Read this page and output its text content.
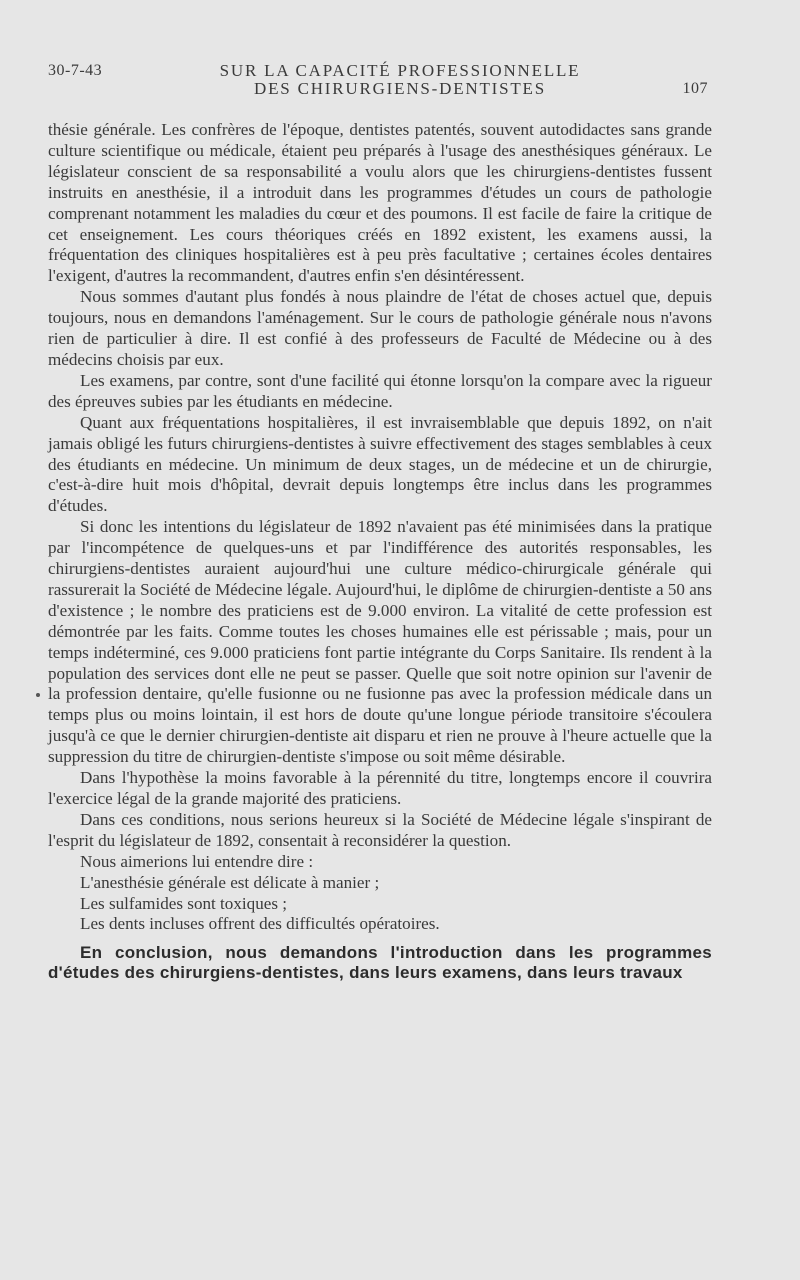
30-7-43	SUR LA CAPACITÉ PROFESSIONNELLE
DES CHIRURGIENS-DENTISTES	107

thésie générale. Les confrères de l'époque, dentistes patentés, souvent autodidactes sans grande culture scientifique ou médicale, étaient peu préparés à l'usage des anesthésiques généraux. Le législateur conscient de sa responsabilité a voulu alors que les chirurgiens-dentistes fussent instruits en anesthésie, il a introduit dans les programmes d'études un cours de pathologie comprenant notamment les maladies du cœur et des poumons. Il est facile de faire la critique de cet enseignement. Les cours théoriques créés en 1892 existent, les examens aussi, la fréquentation des cliniques hospitalières est à peu près facultative ; certaines écoles dentaires l'exigent, d'autres la recommandent, d'autres enfin s'en désintéressent.

Nous sommes d'autant plus fondés à nous plaindre de l'état de choses actuel que, depuis toujours, nous en demandons l'aménagement. Sur le cours de pathologie générale nous n'avons rien de particulier à dire. Il est confié à des professeurs de Faculté de Médecine ou à des médecins choisis par eux.

Les examens, par contre, sont d'une facilité qui étonne lorsqu'on la compare avec la rigueur des épreuves subies par les étudiants en médecine.

Quant aux fréquentations hospitalières, il est invraisemblable que depuis 1892, on n'ait jamais obligé les futurs chirurgiens-dentistes à suivre effectivement des stages semblables à ceux des étudiants en médecine. Un minimum de deux stages, un de médecine et un de chirurgie, c'est-à-dire huit mois d'hôpital, devrait depuis longtemps être inclus dans les programmes d'études.

Si donc les intentions du législateur de 1892 n'avaient pas été minimisées dans la pratique par l'incompétence de quelques-uns et par l'indifférence des autorités responsables, les chirurgiens-dentistes auraient aujourd'hui une culture médico-chirurgicale générale qui rassurerait la Société de Médecine légale. Aujourd'hui, le diplôme de chirurgien-dentiste a 50 ans d'existence ; le nombre des praticiens est de 9.000 environ. La vitalité de cette profession est démontrée par les faits. Comme toutes les choses humaines elle est périssable ; mais, pour un temps indéterminé, ces 9.000 praticiens font partie intégrante du Corps Sanitaire. Ils rendent à la population des services dont elle ne peut se passer. Quelle que soit notre opinion sur l'avenir de la profession dentaire, qu'elle fusionne ou ne fusionne pas avec la profession médicale dans un temps plus ou moins lointain, il est hors de doute qu'une longue période transitoire s'écoulera jusqu'à ce que le dernier chirurgien-dentiste ait disparu et rien ne prouve à l'heure actuelle que la suppression du titre de chirurgien-dentiste s'impose ou soit même désirable.

Dans l'hypothèse la moins favorable à la pérennité du titre, longtemps encore il couvrira l'exercice légal de la grande majorité des praticiens.

Dans ces conditions, nous serions heureux si la Société de Médecine légale s'inspirant de l'esprit du législateur de 1892, consentait à reconsidérer la question.

Nous aimerions lui entendre dire :

L'anesthésie générale est délicate à manier ;

Les sulfamides sont toxiques ;

Les dents incluses offrent des difficultés opératoires.

En conclusion, nous demandons l'introduction dans les programmes d'études des chirurgiens-dentistes, dans leurs examens, dans leurs travaux
